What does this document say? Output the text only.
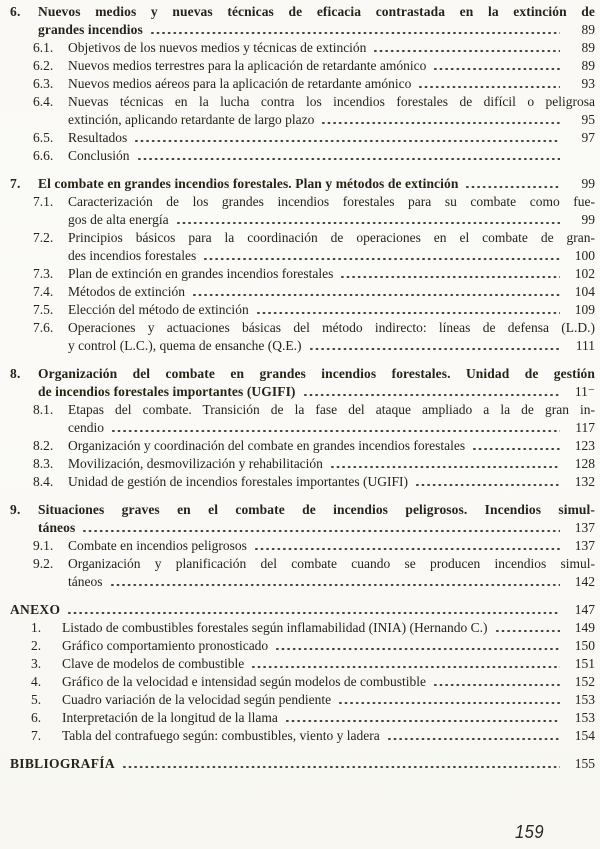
6.	Nuevos medios y nuevas técnicas de eficacia contrastada en la extinción de
grandes incendios	89
6.1.	Objetivos de los nuevos medios y técnicas de extinción	89
6.2.	Nuevos medios terrestres para la aplicación de retardante amónico	89
6.3.	Nuevos medios aéreos para la aplicación de retardante amónico	93
6.4.	Nuevas técnicas en la lucha contra los incendios forestales de difícil o peligrosa
extinción, aplicando retardante de largo plazo	95
6.5.	Resultados	97
6.6.	Conclusión
7.	El combate en grandes incendios forestales. Plan y métodos de extinción	99
7.1.	Caracterización de los grandes incendios forestales para su combate como fue-
gos de alta energía	99
7.2.	Principios básicos para la coordinación de operaciones en el combate de gran-
des incendios forestales	100
7.3.	Plan de extinción en grandes incendios forestales	102
7.4.	Métodos de extinción	104
7.5.	Elección del método de extinción	109
7.6.	Operaciones y actuaciones básicas del método indirecto: líneas de defensa (L.D.)
y control (L.C.), quema de ensanche (Q.E.)	111
8.	Organización del combate en grandes incendios forestales. Unidad de gestión
de incendios forestales importantes (UGIFI)	11⁻
8.1.	Etapas del combate. Transición de la fase del ataque ampliado a la de gran in-
cendio	117
8.2.	Organización y coordinación del combate en grandes incendios forestales	123
8.3.	Movilización, desmovilización y rehabilitación	128
8.4.	Unidad de gestión de incendios forestales importantes (UGIFI)	132
9.	Situaciones graves en el combate de incendios peligrosos. Incendios simul-
táneos	137
9.1.	Combate en incendios peligrosos	137
9.2.	Organización y planificación del combate cuando se producen incendios simul-
táneos	142
ANEXO	147
1.	Listado de combustibles forestales según inflamabilidad (INIA) (Hernando C.)	149
2.	Gráfico comportamiento pronosticado	150
3.	Clave de modelos de combustible	151
4.	Gráfico de la velocidad e intensidad según modelos de combustible	152
5.	Cuadro variación de la velocidad según pendiente	153
6.	Interpretación de la longitud de la llama	153
7.	Tabla del contrafuego según: combustibles, viento y ladera	154
BIBLIOGRAFÍA	155
159
